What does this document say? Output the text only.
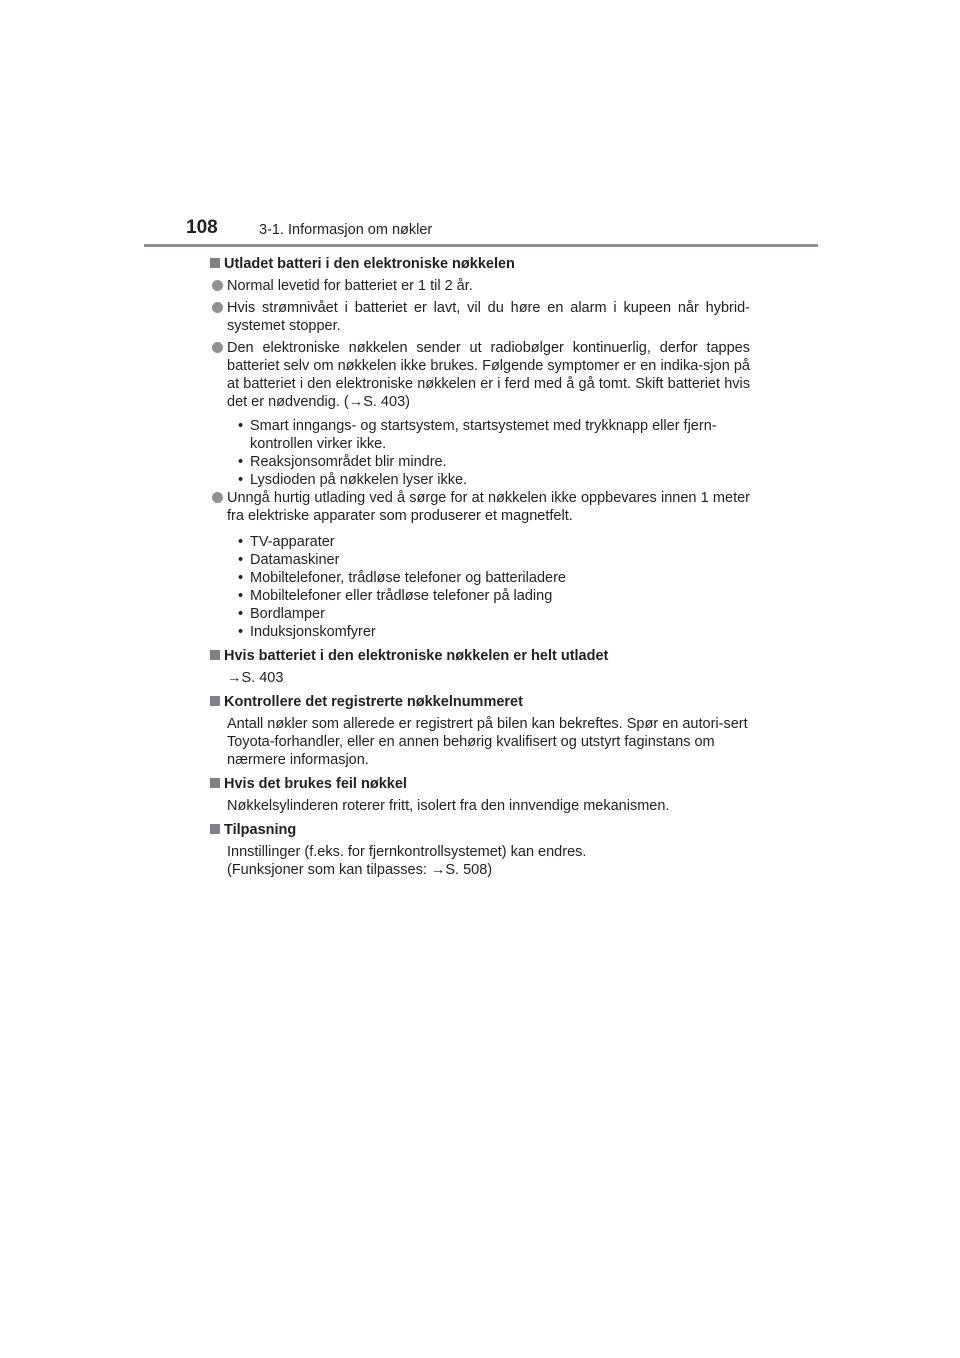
108	3-1. Informasjon om nøkler
Utladet batteri i den elektroniske nøkkelen
Normal levetid for batteriet er 1 til 2 år.
Hvis strømnivået i batteriet er lavt, vil du høre en alarm i kupeen når hybrid-systemet stopper.
Den elektroniske nøkkelen sender ut radiobølger kontinuerlig, derfor tappes batteriet selv om nøkkelen ikke brukes. Følgende symptomer er en indika-sjon på at batteriet i den elektroniske nøkkelen er i ferd med å gå tomt. Skift batteriet hvis det er nødvendig. (→S. 403)
• Smart inngangs- og startsystem, startsystemet med trykknapp eller fjern-kontrollen virker ikke.
• Reaksjonsområdet blir mindre.
• Lysdioden på nøkkelen lyser ikke.
Unngå hurtig utlading ved å sørge for at nøkkelen ikke oppbevares innen 1 meter fra elektriske apparater som produserer et magnetfelt.
• TV-apparater
• Datamaskiner
• Mobiltelefoner, trådløse telefoner og batteriladere
• Mobiltelefoner eller trådløse telefoner på lading
• Bordlamper
• Induksjonskomfyrer
Hvis batteriet i den elektroniske nøkkelen er helt utladet
→S. 403
Kontrollere det registrerte nøkkelnummeret
Antall nøkler som allerede er registrert på bilen kan bekreftes. Spør en autori-sert Toyota-forhandler, eller en annen behørig kvalifisert og utstyrt faginstans om nærmere informasjon.
Hvis det brukes feil nøkkel
Nøkkelsylinderen roterer fritt, isolert fra den innvendige mekanismen.
Tilpasning
Innstillinger (f.eks. for fjernkontrollsystemet) kan endres.
(Funksjoner som kan tilpasses: →S. 508)
